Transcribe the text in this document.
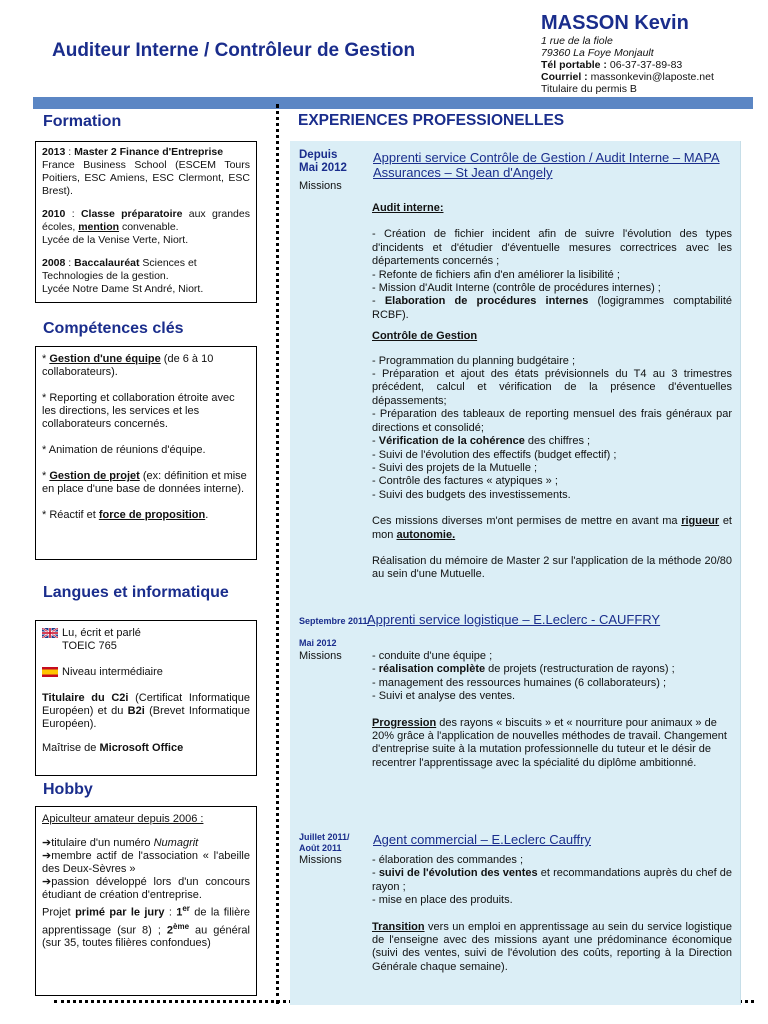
Auditeur Interne / Contrôleur de Gestion
MASSON Kevin
1 rue de la fiole
79360 La Foye Monjault
Tél portable : 06-37-37-89-83
Courriel : massonkevin@laposte.net
Titulaire du permis B
Formation
2013 : Master 2 Finance d'Entreprise
France Business School (ESCEM Tours Poitiers, ESC Amiens, ESC Clermont, ESC Brest).
2010 : Classe préparatoire aux grandes écoles, mention convenable.
Lycée de la Venise Verte, Niort.
2008 : Baccalauréat Sciences et Technologies de la gestion.
Lycée Notre Dame St André, Niort.
Compétences clés
* Gestion d'une équipe (de 6 à 10 collaborateurs).
* Reporting et collaboration étroite avec les directions, les services et les collaborateurs concernés.
* Animation de réunions d'équipe.
* Gestion de projet (ex: définition et mise en place d'une base de données interne).
* Réactif et force de proposition.
Langues et informatique
Lu, écrit et parlé
TOEIC 765
Niveau intermédiaire
Titulaire du C2i (Certificat Informatique Européen) et du B2i (Brevet Informatique Européen).
Maîtrise de Microsoft Office
Hobby
Apiculteur amateur depuis 2006 :
➔titulaire d'un numéro Numagrit
➔membre actif de l'association « l'abeille des Deux-Sèvres »
➔passion développé lors d'un concours étudiant de création d'entreprise.
Projet primé par le jury : 1er de la filière apprentissage (sur 8) ; 2ème au général (sur 35, toutes filières confondues)
EXPERIENCES PROFESSIONELLES
Depuis Mai 2012
Missions
Apprenti service Contrôle de Gestion / Audit Interne – MAPA Assurances – St Jean d'Angely

Audit interne:

- Création de fichier incident afin de suivre l'évolution des types d'incidents et d'étudier d'éventuelle mesures correctrices avec les départements concernés ;

- Refonte de fichiers afin d'en améliorer la lisibilité ;

- Mission d'Audit Interne (contrôle de procédures internes) ;

- Elaboration de procédures internes (logigrammes comptabilité RCBF).

Contrôle de Gestion

- Programmation du planning budgétaire ;

- Préparation et ajout des états prévisionnels du T4 au 3 trimestres précédent, calcul et vérification de la présence d'éventuelles dépassements;

- Préparation des tableaux de reporting mensuel des frais généraux par directions et consolidé;

- Vérification de la cohérence des chiffres ;

- Suivi de l'évolution des effectifs (budget effectif) ;

- Suivi des projets de la Mutuelle ;

- Contrôle des factures « atypiques » ;

- Suivi des budgets des investissements.

Ces missions diverses m'ont permises de mettre en avant ma rigueur et mon autonomie.

Réalisation du mémoire de Master 2 sur l'application de la méthode 20/80 au sein d'une Mutuelle.

Septembre 2011/
Mai 2012
Missions
Apprenti service logistique – E.Leclerc - CAUFFRY

- conduite d'une équipe ;

- réalisation complète de projets (restructuration de rayons) ;

- management des ressources humaines (6 collaborateurs) ;

- Suivi et analyse des ventes.

Progression des rayons « biscuits » et « nourriture pour animaux » de 20% grâce à l'application de nouvelles méthodes de travail. Changement d'entreprise suite à la mutation professionnelle du tuteur et le désir de recentrer l'apprentissage avec la spécialité du diplôme ambitionné.

Juillet 2011/
Août 2011
Missions
Agent commercial – E.Leclerc Cauffry

- élaboration des commandes ;

- suivi de l'évolution des ventes et recommandations auprès du chef de rayon ;

- mise en place des produits.

Transition vers un emploi en apprentissage au sein du service logistique de l'enseigne avec des missions ayant une prédominance économique (suivi des ventes, suivi de l'évolution des coûts, reporting à la Direction Générale chaque semaine).
